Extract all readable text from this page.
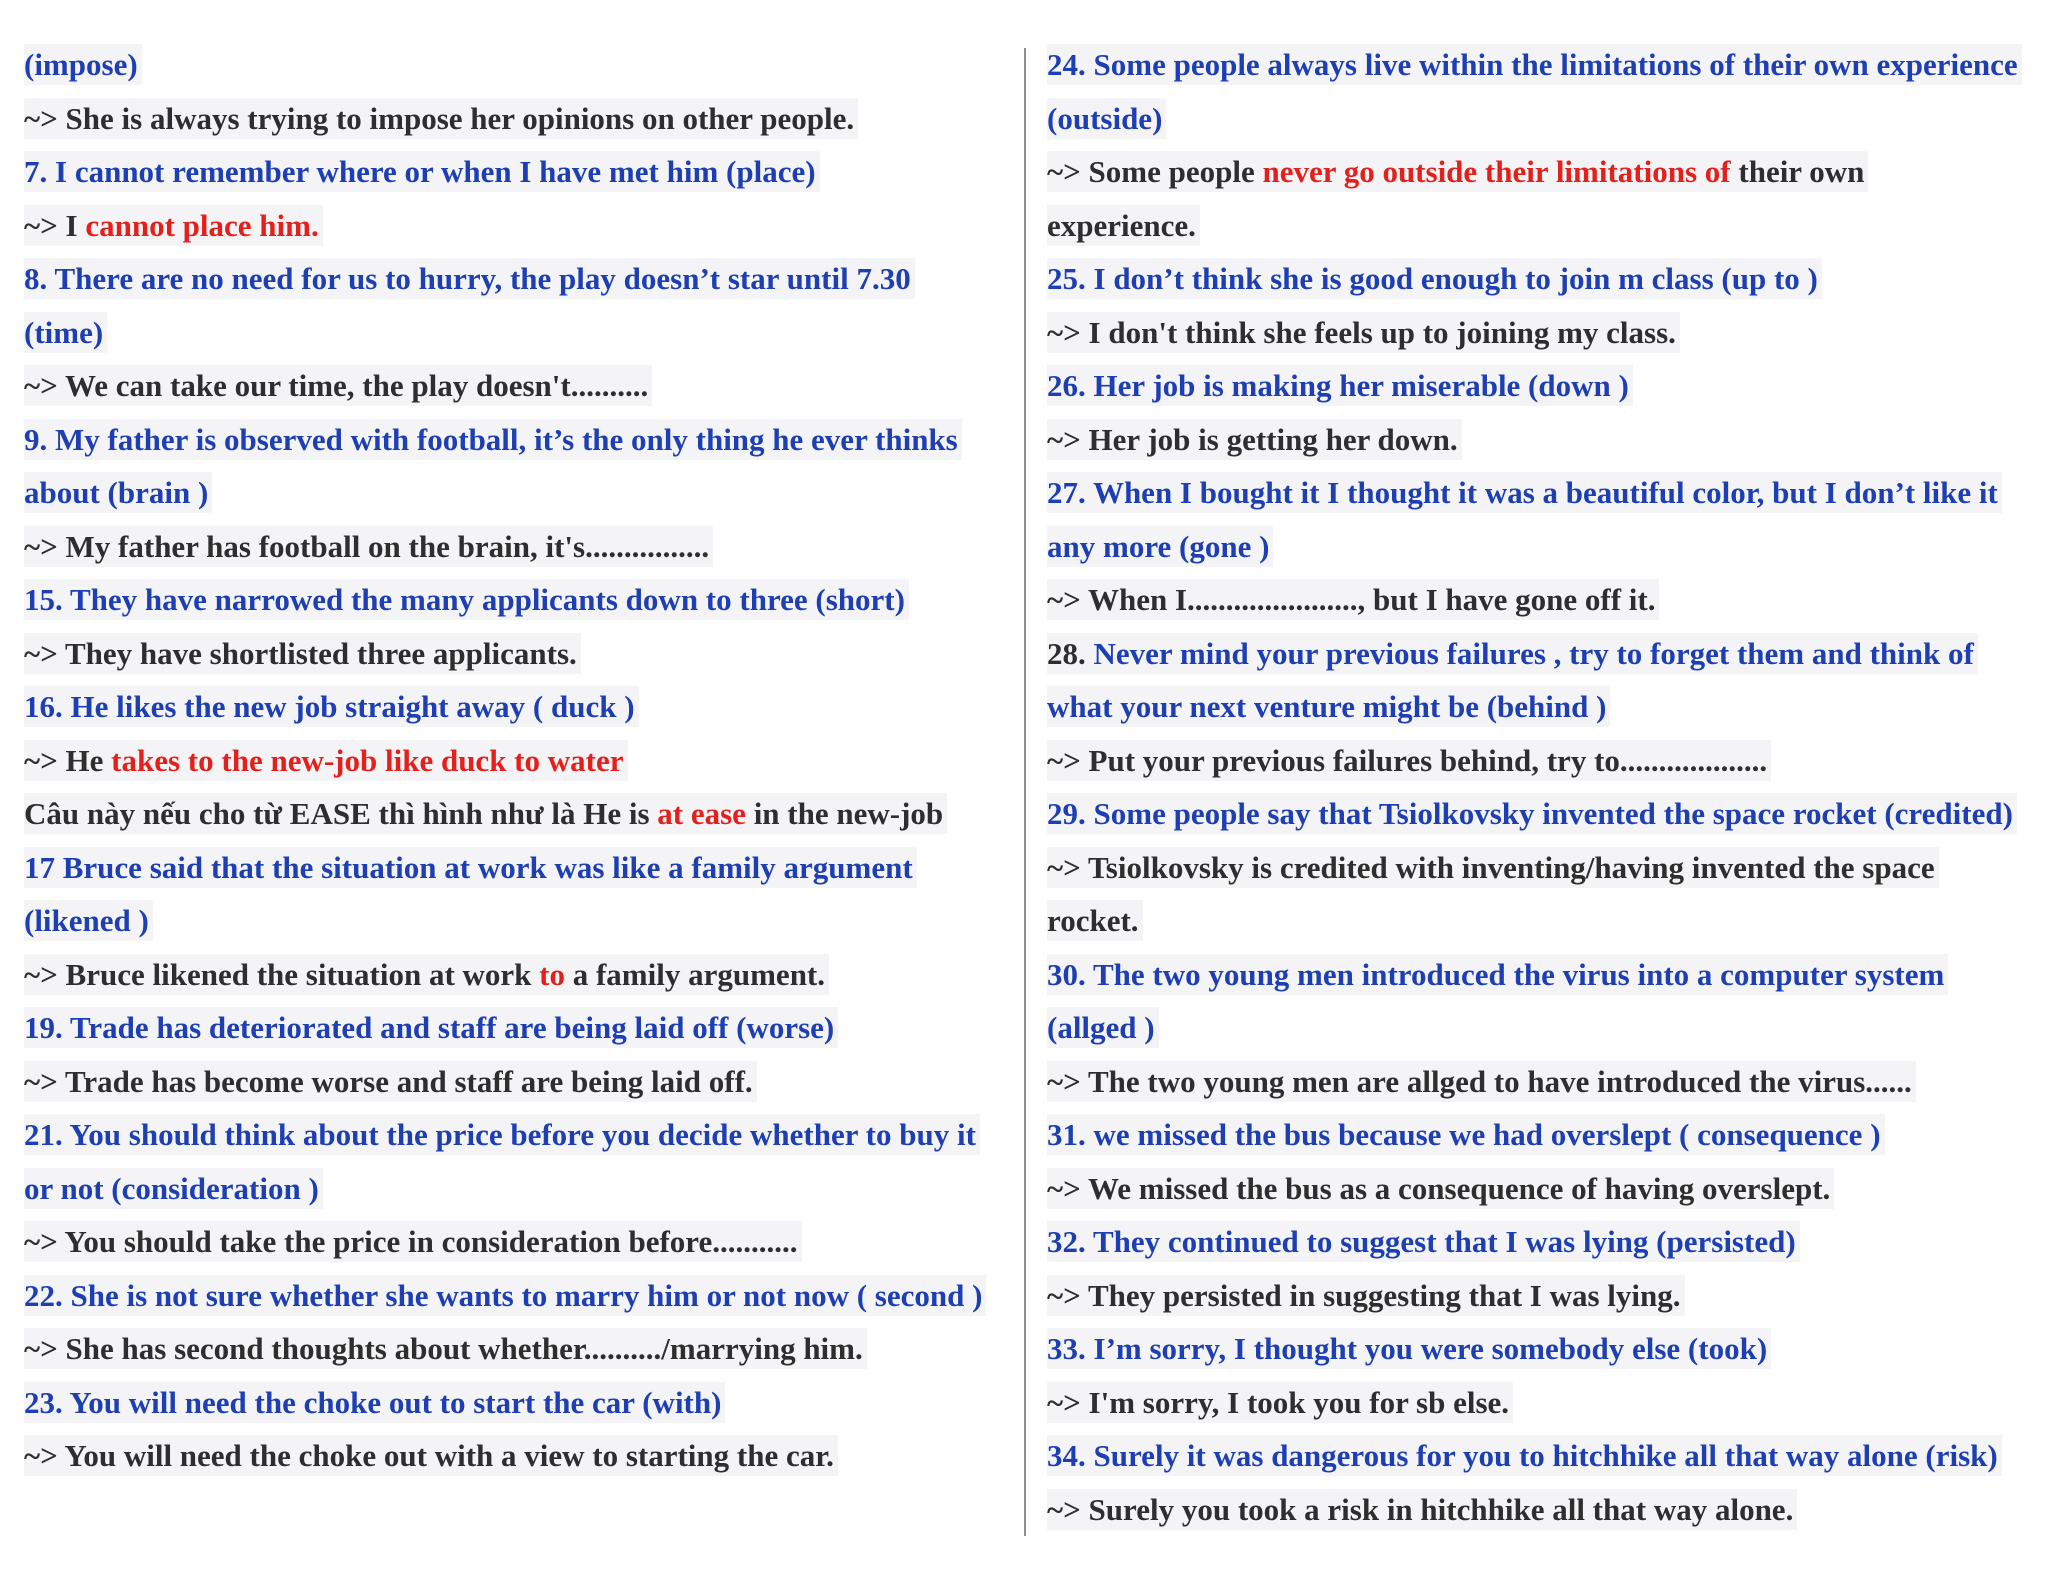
(impose)
~> She is always trying to impose her opinions on other people.
7. I cannot remember where or when I have met him (place)
~> I cannot place him.
8. There are no need for us to hurry, the play doesn’t star until 7.30
(time)
~> We can take our time, the play doesn't..........
9. My father is observed with football, it’s the only thing he ever thinks
about (brain )
~> My father has football on the brain, it's................
15. They have narrowed the many applicants down to three (short)
~> They have shortlisted three applicants.
16. He likes the new job straight away ( duck )
~> He takes to the new-job like duck to water
Câu này nếu cho từ EASE thì hình như là He is at ease in the new-job
17 Bruce said that the situation at work was like a family argument
(likened )
~> Bruce likened the situation at work to a family argument.
19. Trade has deteriorated and staff are being laid off (worse)
~> Trade has become worse and staff are being laid off.
21. You should think about the price before you decide whether to buy it
or not (consideration )
~> You should take the price in consideration before...........
22. She is not sure whether she wants to marry him or not now ( second )
~> She has second thoughts about whether........../marrying him.
23. You will need the choke out to start the car (with)
~> You will need the choke out with a view to starting the car.
24. Some people always live within the limitations of their own experience
(outside)
~> Some people never go outside their limitations of their own
experience.
25. I don’t think she is good enough to join m class (up to )
~> I don't think she feels up to joining my class.
26. Her job is making her miserable (down )
~> Her job is getting her down.
27. When I bought it I thought it was a beautiful color, but I don’t like it
any more (gone )
~> When I......................, but I have gone off it.
28. Never mind your previous failures , try to forget them and think of
what your next venture might be (behind )
~> Put your previous failures behind, try to...................
29. Some people say that Tsiolkovsky invented the space rocket (credited)
~> Tsiolkovsky is credited with inventing/having invented the space
rocket.
30. The two young men introduced the virus into a computer system
(allged )
~> The two young men are allged to have introduced the virus......
31. we missed the bus because we had overslept ( consequence )
~> We missed the bus as a consequence of having overslept.
32. They continued to suggest that I was lying (persisted)
~> They persisted in suggesting that I was lying.
33. I’m sorry, I thought you were somebody else (took)
~> I'm sorry, I took you for sb else.
34. Surely it was dangerous for you to hitchhike all that way alone (risk)
~> Surely you took a risk in hitchhike all that way alone.
